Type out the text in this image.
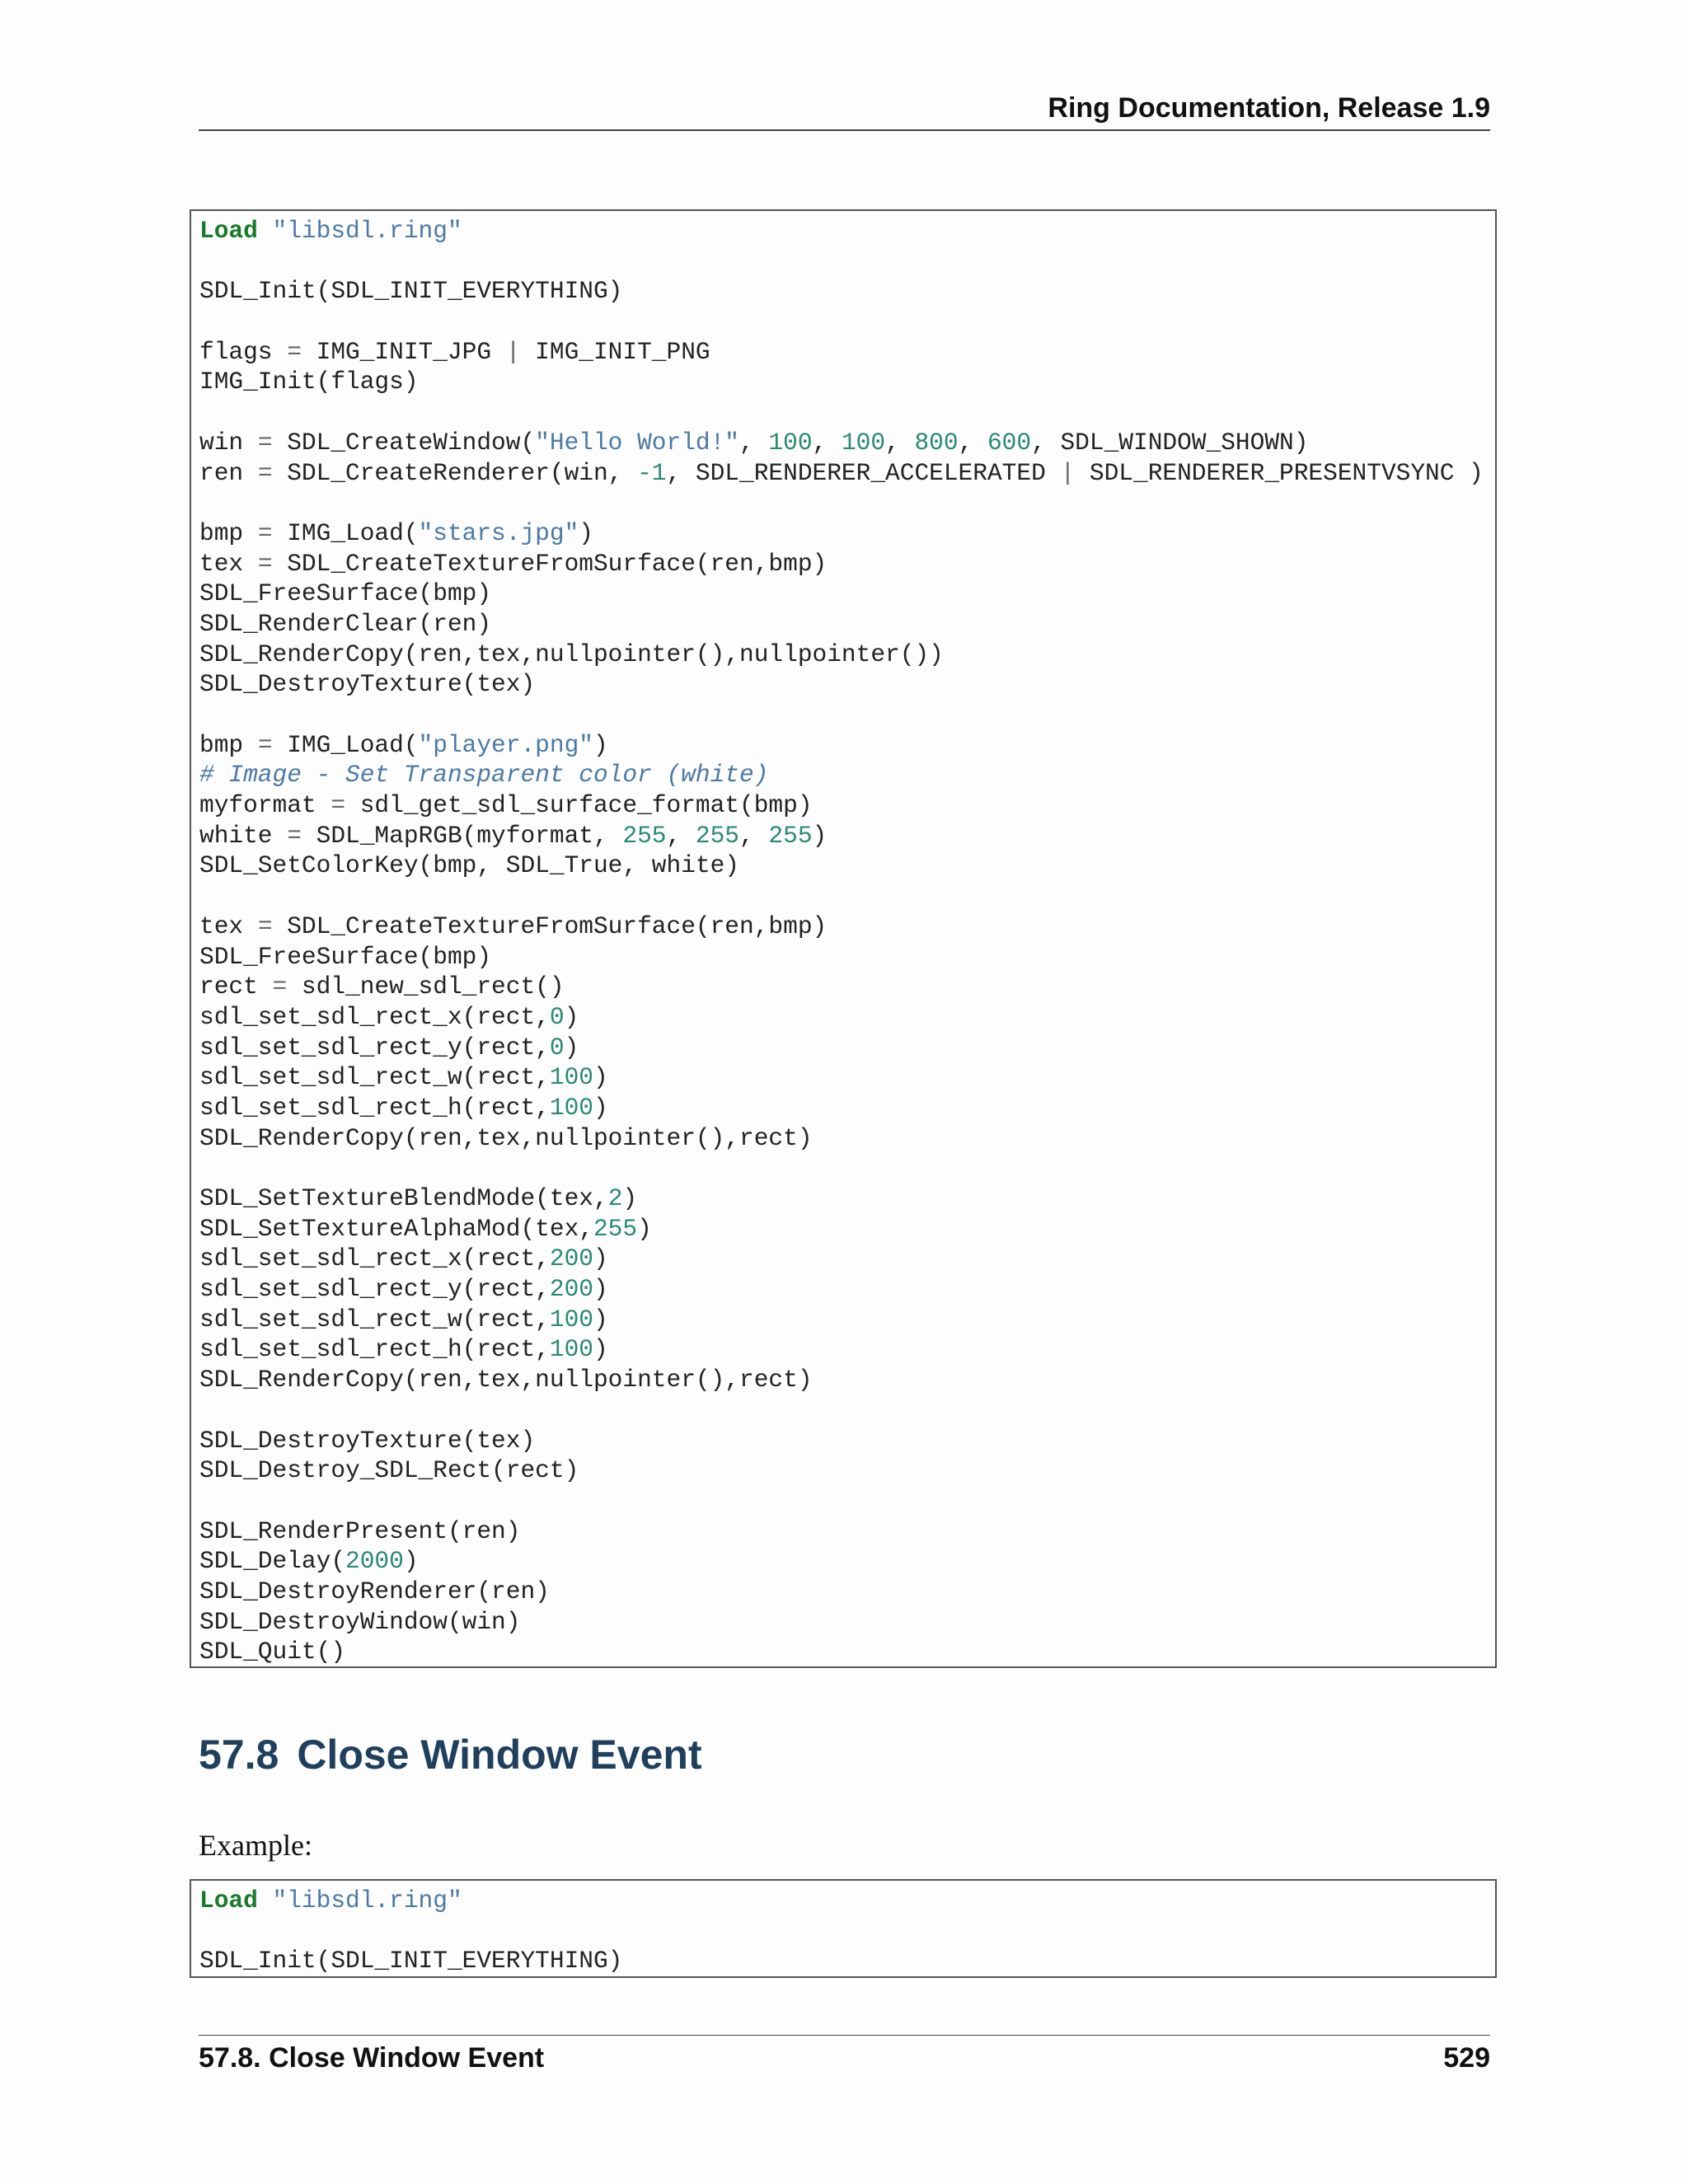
Ring Documentation, Release 1.9
Load "libsdl.ring"

SDL_Init(SDL_INIT_EVERYTHING)

flags = IMG_INIT_JPG | IMG_INIT_PNG
IMG_Init(flags)

win = SDL_CreateWindow("Hello World!", 100, 100, 800, 600, SDL_WINDOW_SHOWN)
ren = SDL_CreateRenderer(win, -1, SDL_RENDERER_ACCELERATED | SDL_RENDERER_PRESENTVSYNC )

bmp = IMG_Load("stars.jpg")
tex = SDL_CreateTextureFromSurface(ren,bmp)
SDL_FreeSurface(bmp)
SDL_RenderClear(ren)
SDL_RenderCopy(ren,tex,nullpointer(),nullpointer())
SDL_DestroyTexture(tex)

bmp = IMG_Load("player.png")
# Image - Set Transparent color (white)
myformat = sdl_get_sdl_surface_format(bmp)
white = SDL_MapRGB(myformat, 255, 255, 255)
SDL_SetColorKey(bmp, SDL_True, white)

tex = SDL_CreateTextureFromSurface(ren,bmp)
SDL_FreeSurface(bmp)
rect = sdl_new_sdl_rect()
sdl_set_sdl_rect_x(rect,0)
sdl_set_sdl_rect_y(rect,0)
sdl_set_sdl_rect_w(rect,100)
sdl_set_sdl_rect_h(rect,100)
SDL_RenderCopy(ren,tex,nullpointer(),rect)

SDL_SetTextureBlendMode(tex,2)
SDL_SetTextureAlphaMod(tex,255)
sdl_set_sdl_rect_x(rect,200)
sdl_set_sdl_rect_y(rect,200)
sdl_set_sdl_rect_w(rect,100)
sdl_set_sdl_rect_h(rect,100)
SDL_RenderCopy(ren,tex,nullpointer(),rect)

SDL_DestroyTexture(tex)
SDL_Destroy_SDL_Rect(rect)

SDL_RenderPresent(ren)
SDL_Delay(2000)
SDL_DestroyRenderer(ren)
SDL_DestroyWindow(win)
SDL_Quit()
57.8 Close Window Event
Example:
Load "libsdl.ring"

SDL_Init(SDL_INIT_EVERYTHING)
57.8. Close Window Event	529
